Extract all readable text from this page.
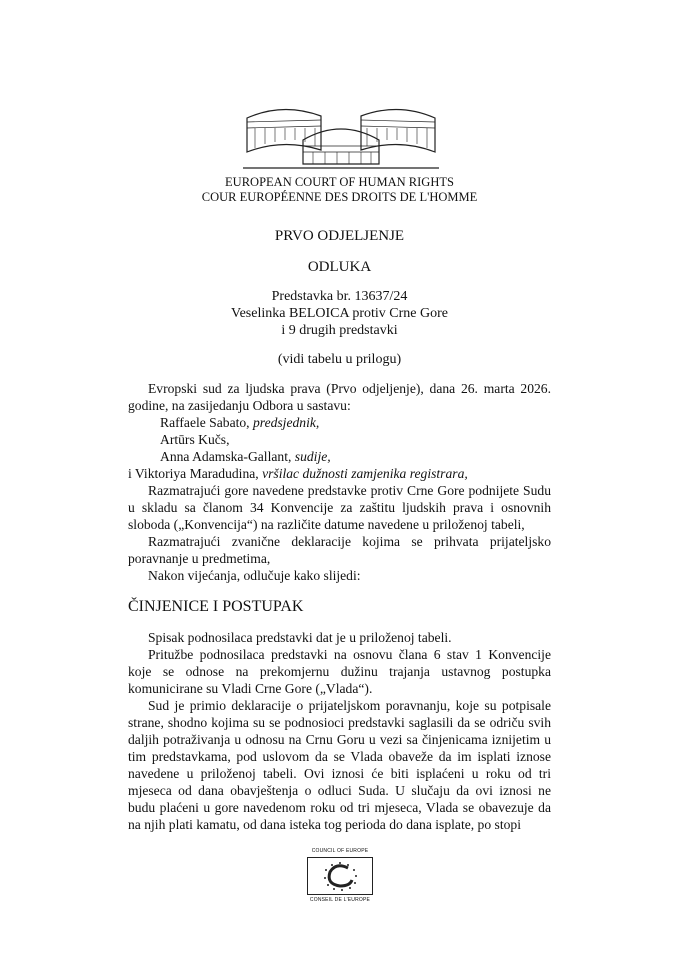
EUROPEAN COURT OF HUMAN RIGHTS
COUR EUROPÉENNE DES DROITS DE L'HOMME
PRVO ODJELJENJE
ODLUKA
Predstavka br. 13637/24
Veselinka BELOICA protiv Crne Gore
i 9 drugih predstavki
(vidi tabelu u prilogu)
Evropski sud za ljudska prava (Prvo odjeljenje), dana 26. marta 2026.
godine, na zasijedanju Odbora u sastavu:
Raffaele Sabato, predsjednik,
Artūrs Kučs,
Anna Adamska-Gallant, sudije,
i Viktoriya Maradudina, vršilac dužnosti zamjenika registrara,
Razmatrajući gore navedene predstavke protiv Crne Gore podnijete Sudu
u skladu sa članom 34 Konvencije za zaštitu ljudskih prava i osnovnih
sloboda („Konvencija“) na različite datume navedene u priloženoj tabeli,
Razmatrajući zvanične deklaracije kojima se prihvata prijateljsko
poravnanje u predmetima,
Nakon vijećanja, odlučuje kako slijedi:
ČINJENICE I POSTUPAK
Spisak podnosilaca predstavki dat je u priloženoj tabeli.
Pritužbe podnosilaca predstavki na osnovu člana 6 stav 1 Konvencije
koje se odnose na prekomjernu dužinu trajanja ustavnog postupka
komunicirane su Vladi Crne Gore („Vlada“).
Sud je primio deklaracije o prijateljskom poravnanju, koje su potpisale
strane, shodno kojima su se podnosioci predstavki saglasili da se odriču svih
daljih potraživanja u odnosu na Crnu Goru u vezi sa činjenicama iznijetim u
tim predstavkama, pod uslovom da se Vlada obaveže da im isplati iznose
navedene u priloženoj tabeli. Ovi iznosi će biti isplaćeni u roku od tri
mjeseca od dana obavještenja o odluci Suda. U slučaju da ovi iznosi ne
budu plaćeni u gore navedenom roku od tri mjeseca, Vlada se obavezuje da
na njih plati kamatu, od dana isteka tog perioda do dana isplate, po stopi
COUNCIL OF EUROPE
CONSEIL DE L'EUROPE
